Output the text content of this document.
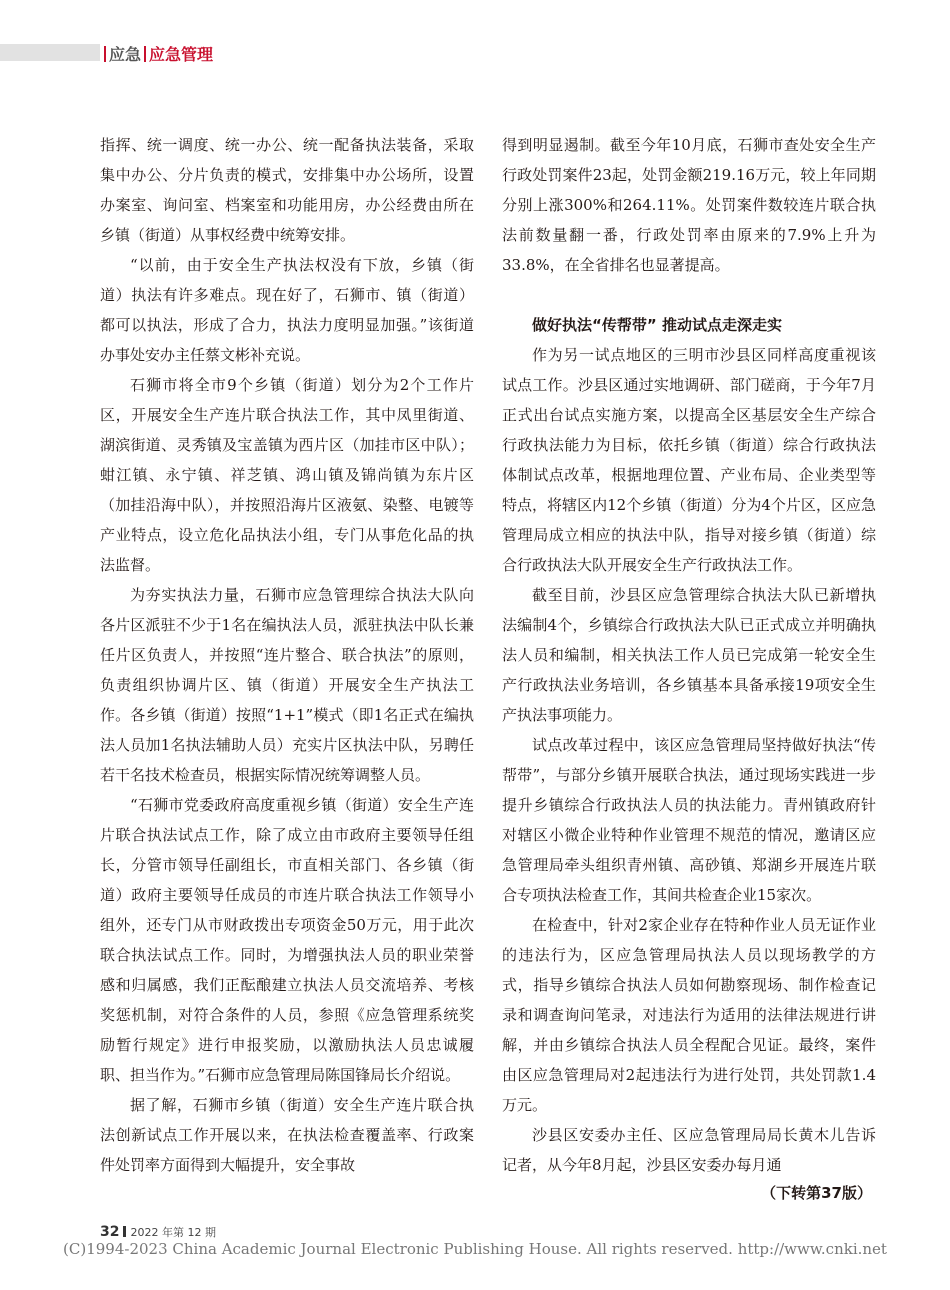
应急 应急管理

指挥、统一调度、统一办公、统一配备执法装备，采取集中办公、分片负责的模式，安排集中办公场所，设置办案室、询问室、档案室和功能用房，办公经费由所在乡镇（街道）从事权经费中统筹安排。

“以前，由于安全生产执法权没有下放，乡镇（街道）执法有许多难点。现在好了，石狮市、镇（街道）都可以执法，形成了合力，执法力度明显加强。”该街道办事处安办主任蔡文彬补充说。

石狮市将全市9个乡镇（街道）划分为2个工作片区，开展安全生产连片联合执法工作，其中凤里街道、湖滨街道、灵秀镇及宝盖镇为西片区（加挂市区中队）；蚶江镇、永宁镇、祥芝镇、鸿山镇及锦尚镇为东片区（加挂沿海中队），并按照沿海片区液氨、染整、电镀等产业特点，设立危化品执法小组，专门从事危化品的执法监督。

为夯实执法力量，石狮市应急管理综合执法大队向各片区派驻不少于1名在编执法人员，派驻执法中队长兼任片区负责人，并按照“连片整合、联合执法”的原则，负责组织协调片区、镇（街道）开展安全生产执法工作。各乡镇（街道）按照“1+1”模式（即1名正式在编执法人员加1名执法辅助人员）充实片区执法中队，另聘任若干名技术检查员，根据实际情况统筹调整人员。

“石狮市党委政府高度重视乡镇（街道）安全生产连片联合执法试点工作，除了成立由市政府主要领导任组长，分管市领导任副组长，市直相关部门、各乡镇（街道）政府主要领导任成员的市连片联合执法工作领导小组外，还专门从市财政拨出专项资金50万元，用于此次联合执法试点工作。同时，为增强执法人员的职业荣誉感和归属感，我们正酝酿建立执法人员交流培养、考核奖惩机制，对符合条件的人员，参照《应急管理系统奖励暂行规定》进行申报奖励，以激励执法人员忠诚履职、担当作为。”石狮市应急管理局陈国锋局长介绍说。

据了解，石狮市乡镇（街道）安全生产连片联合执法创新试点工作开展以来，在执法检查覆盖率、行政案件处罚率方面得到大幅提升，安全事故

得到明显遏制。截至今年10月底，石狮市查处安全生产行政处罚案件23起，处罚金额219.16万元，较上年同期分别上涨300%和264.11%。处罚案件数较连片联合执法前数量翻一番，行政处罚率由原来的7.9%上升为33.8%，在全省排名也显著提高。

做好执法“传帮带” 推动试点走深走实

作为另一试点地区的三明市沙县区同样高度重视该试点工作。沙县区通过实地调研、部门磋商，于今年7月正式出台试点实施方案，以提高全区基层安全生产综合行政执法能力为目标，依托乡镇（街道）综合行政执法体制试点改革，根据地理位置、产业布局、企业类型等特点，将辖区内12个乡镇（街道）分为4个片区，区应急管理局成立相应的执法中队，指导对接乡镇（街道）综合行政执法大队开展安全生产行政执法工作。

截至目前，沙县区应急管理综合执法大队已新增执法编制4个，乡镇综合行政执法大队已正式成立并明确执法人员和编制，相关执法工作人员已完成第一轮安全生产行政执法业务培训，各乡镇基本具备承接19项安全生产执法事项能力。

试点改革过程中，该区应急管理局坚持做好执法“传帮带”，与部分乡镇开展联合执法，通过现场实践进一步提升乡镇综合行政执法人员的执法能力。青州镇政府针对辖区小微企业特种作业管理不规范的情况，邀请区应急管理局牵头组织青州镇、高砂镇、郑湖乡开展连片联合专项执法检查工作，其间共检查企业15家次。

在检查中，针对2家企业存在特种作业人员无证作业的违法行为，区应急管理局执法人员以现场教学的方式，指导乡镇综合执法人员如何勘察现场、制作检查记录和调查询问笔录，对违法行为适用的法律法规进行讲解，并由乡镇综合执法人员全程配合见证。最终，案件由区应急管理局对2起违法行为进行处罚，共处罚款1.4万元。

沙县区安委办主任、区应急管理局局长黄木儿告诉记者，从今年8月起，沙县区安委办每月通

（下转第37版）
32 2022 年第 12 期
(C)1994-2023 China Academic Journal Electronic Publishing House. All rights reserved. http://www.cnki.net
